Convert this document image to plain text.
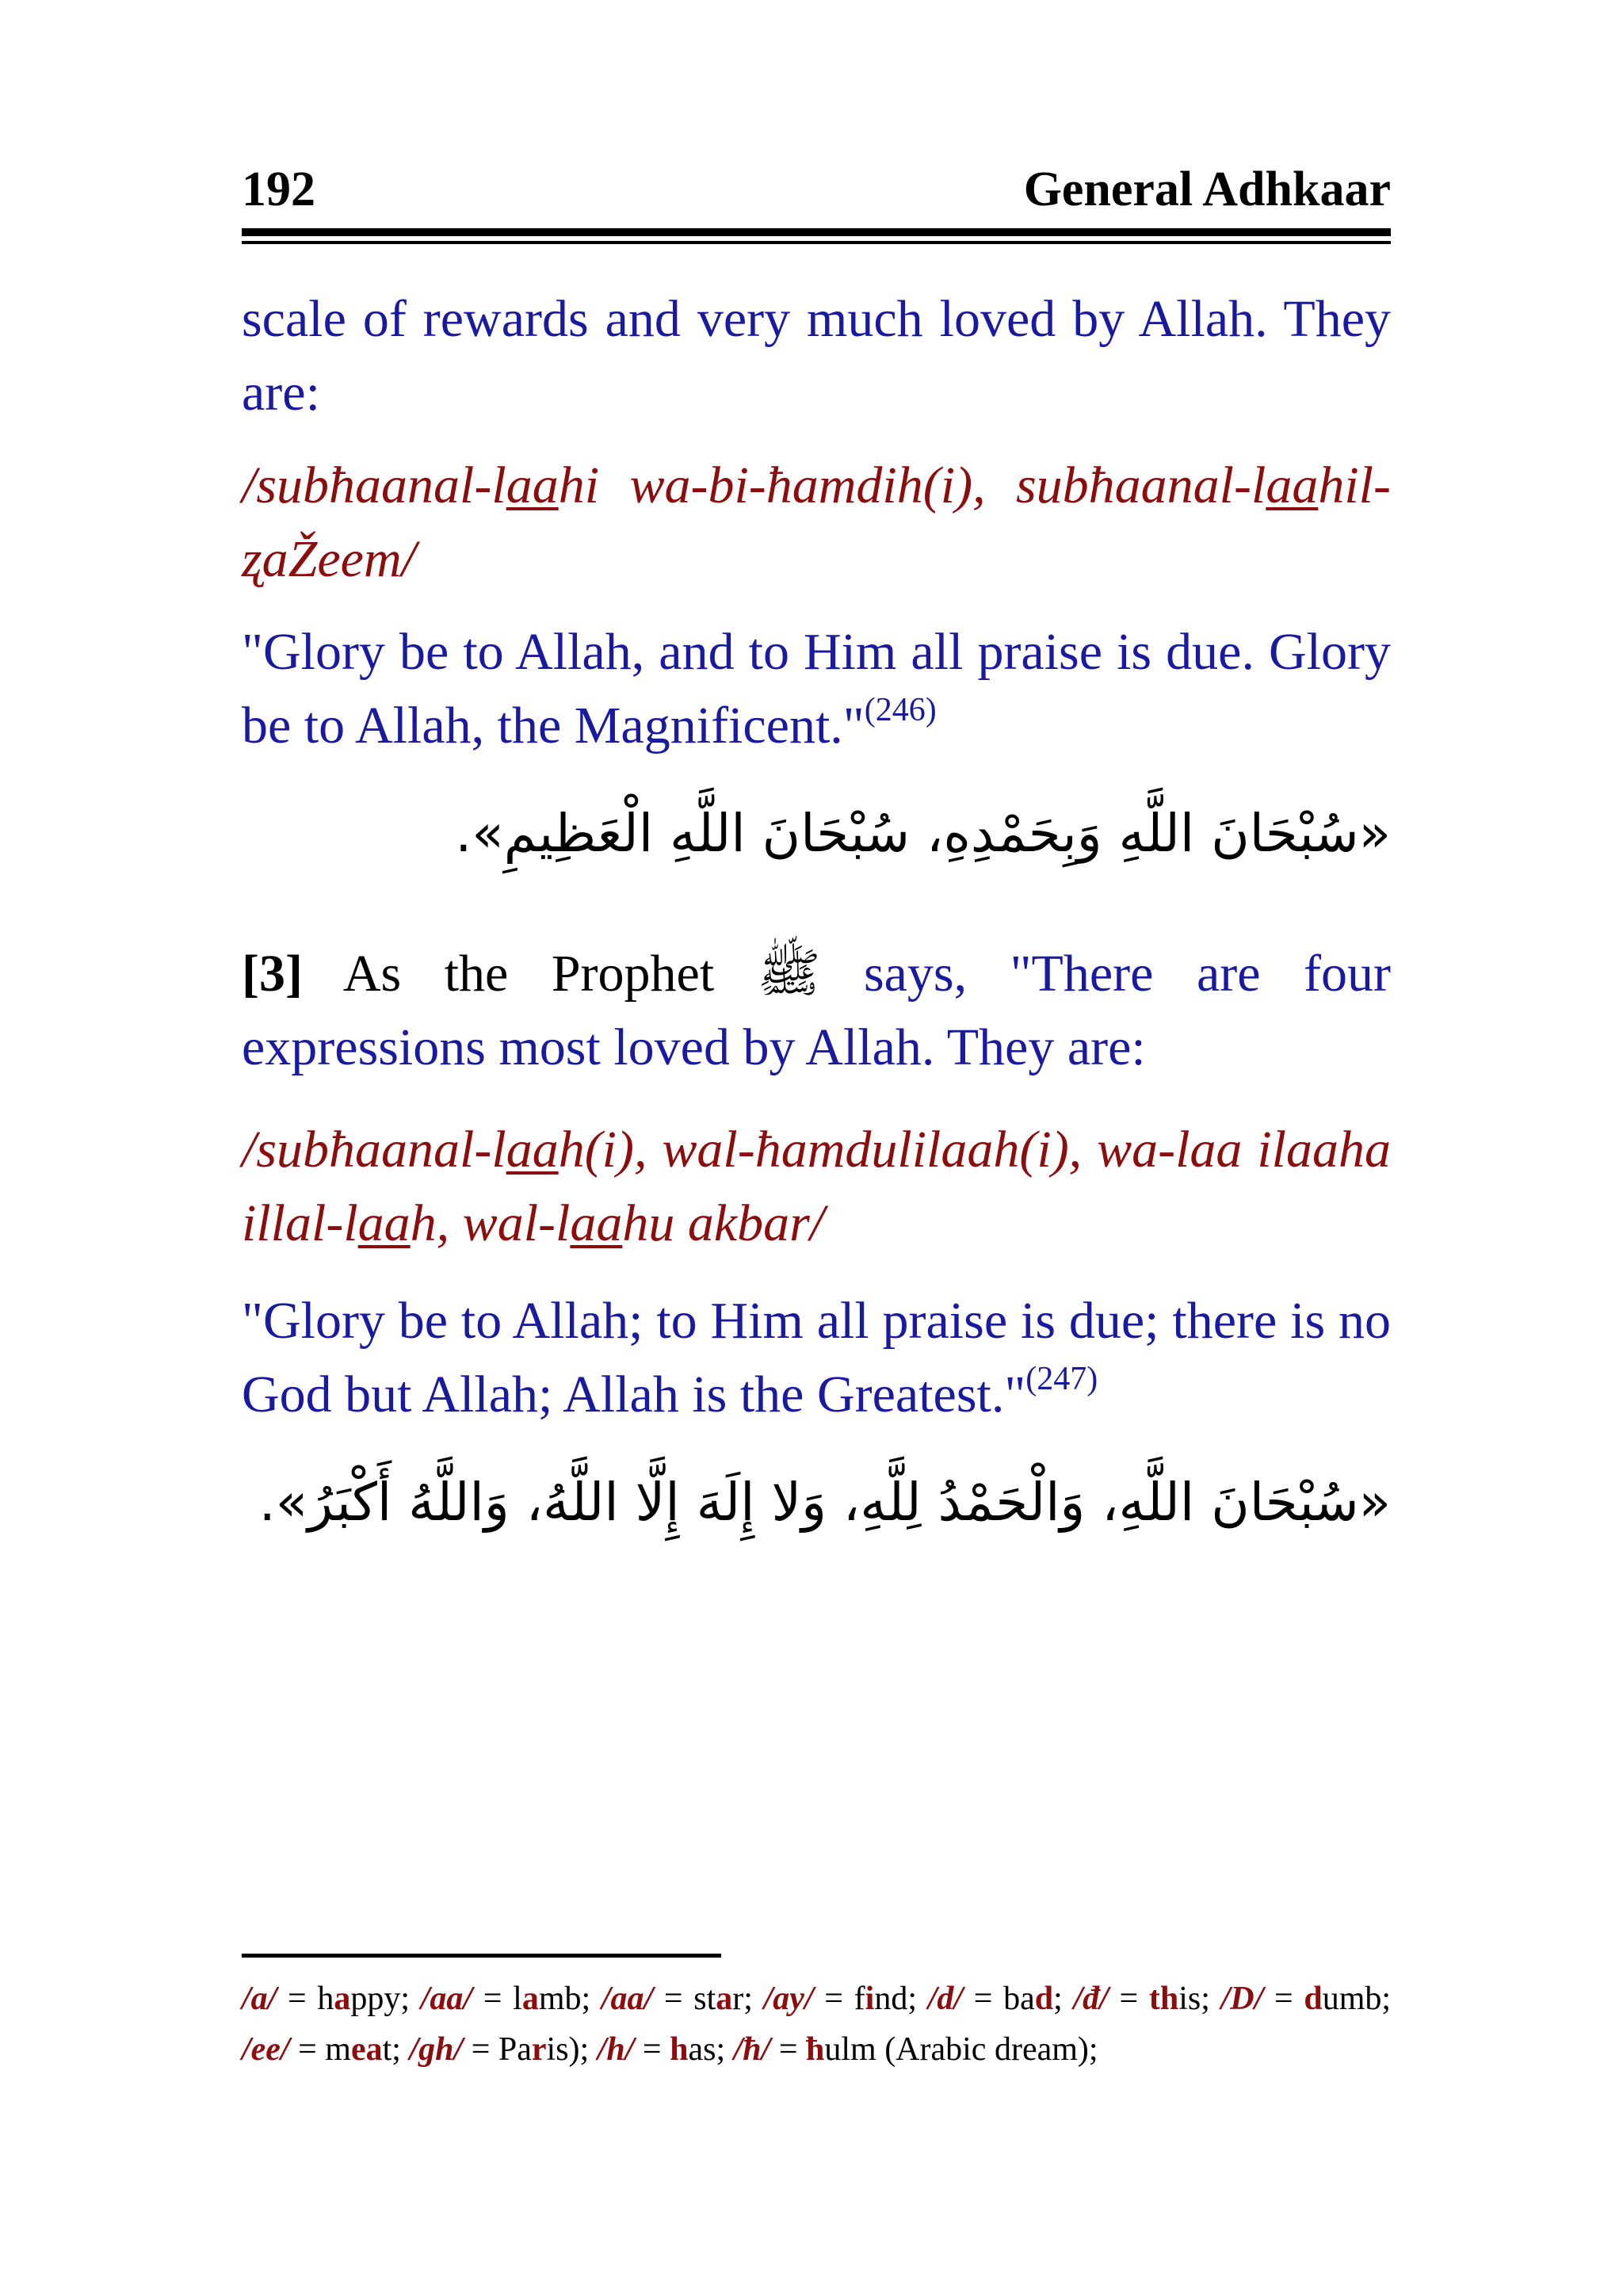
192	General Adhkaar

scale of rewards and very much loved by Allah. They are:

/subħaanal-laahi wa-bi-ħamdih(i), subħaanal-laahil-ʐaŽeem/

"Glory be to Allah, and to Him all praise is due. Glory be to Allah, the Magnificent."$^{(246)}$

«سُبْحَانَ اللَّهِ وَبِحَمْدِهِ، سُبْحَانَ اللَّهِ الْعَظِيمِ».

[3] As the Prophet ﷺ says, "There are four expressions most loved by Allah. They are:

/subħaanal-laah(i), wal-ħamdulilaah(i), wa-laa ilaaha illal-laah, wal-laahu akbar/

"Glory be to Allah; to Him all praise is due; there is no God but Allah; Allah is the Greatest."$^{(247)}$

«سُبْحَانَ اللَّهِ، وَالْحَمْدُ لِلَّهِ، وَلا إِلَهَ إِلَّا اللَّهُ، وَاللَّهُ أَكْبَرُ».

/a/ = happy; /aa/ = lamb; /aa/ = star; /ay/ = find; /d/ = bad; /đ/ = this; /D/ = dumb; /ee/ = meat; /gh/ = Paris); /h/ = has; /ħ/ = ħulm (Arabic dream);
